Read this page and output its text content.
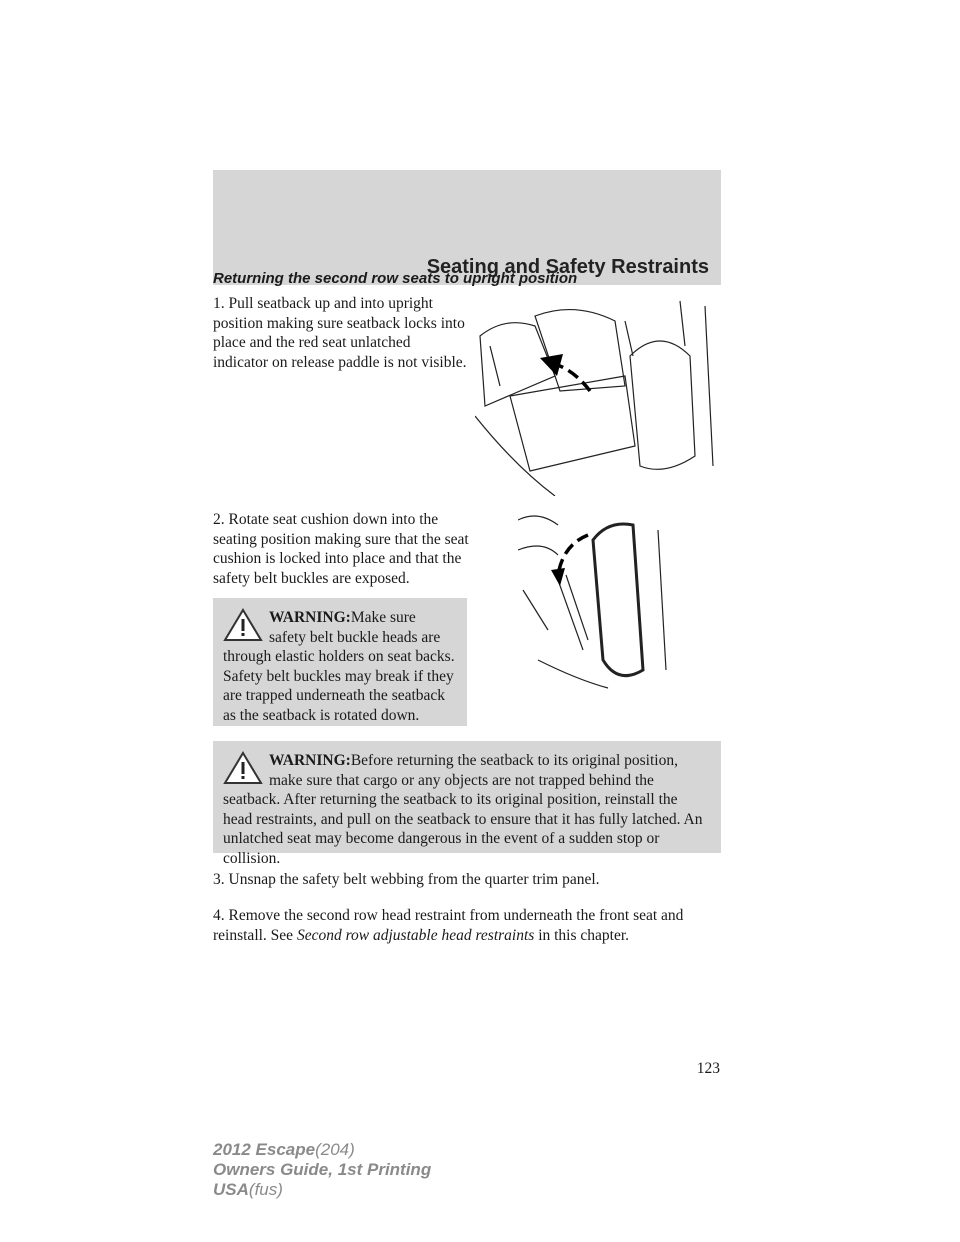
Seating and Safety Restraints
Returning the second row seats to upright position

1. Pull seatback up and into upright position making sure seatback locks into place and the red seat unlatched indicator on release paddle is not visible.

2. Rotate seat cushion down into the seating position making sure that the seat cushion is locked into place and that the safety belt buckles are exposed.

WARNING:Make sure safety belt buckle heads are through elastic holders on seat backs. Safety belt buckles may break if they are trapped underneath the seatback as the seatback is rotated down.
WARNING:Before returning the seatback to its original position, make sure that cargo or any objects are not trapped behind the seatback. After returning the seatback to its original position, reinstall the head restraints, and pull on the seatback to ensure that it has fully latched. An unlatched seat may become dangerous in the event of a sudden stop or collision.

3. Unsnap the safety belt webbing from the quarter trim panel.

4. Remove the second row head restraint from underneath the front seat and reinstall. See Second row adjustable head restraints in this chapter.

123
2012 Escape(204)
Owners Guide, 1st Printing
USA(fus)
